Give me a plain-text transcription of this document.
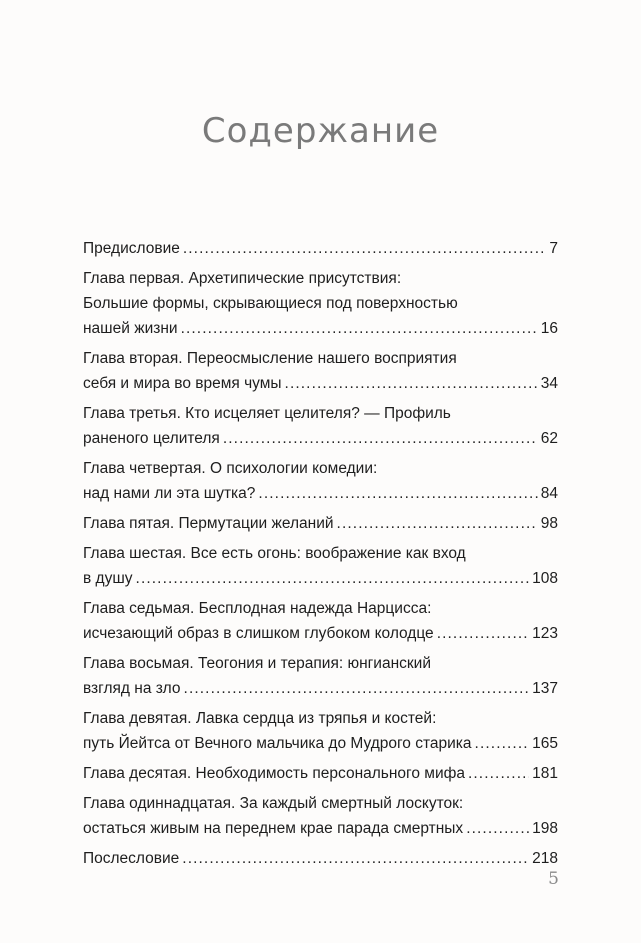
Содержание
Предисловие . . .	7
Глава первая. Архетипические присутствия:
Большие формы, скрывающиеся под поверхностью
нашей жизни . . .	16
Глава вторая. Переосмысление нашего восприятия
себя и мира во время чумы . . .	34
Глава третья. Кто исцеляет целителя? — Профиль
раненого целителя . . .	62
Глава четвертая. О психологии комедии:
над нами ли эта шутка? . . .	84
Глава пятая. Пермутации желаний . . .	98
Глава шестая. Все есть огонь: воображение как вход
в душу . . .	108
Глава седьмая. Бесплодная надежда Нарцисса:
исчезающий образ в слишком глубоком колодце . . .	123
Глава восьмая. Теогония и терапия: юнгианский
взгляд на зло . . .	137
Глава девятая. Лавка сердца из тряпья и костей:
путь Йейтса от Вечного мальчика до Мудрого старика . . .	165
Глава десятая. Необходимость персонального мифа . . .	181
Глава одиннадцатая. За каждый смертный лоскуток:
остаться живым на переднем крае парада смертных . . .	198
Послесловие . . .	218
5
